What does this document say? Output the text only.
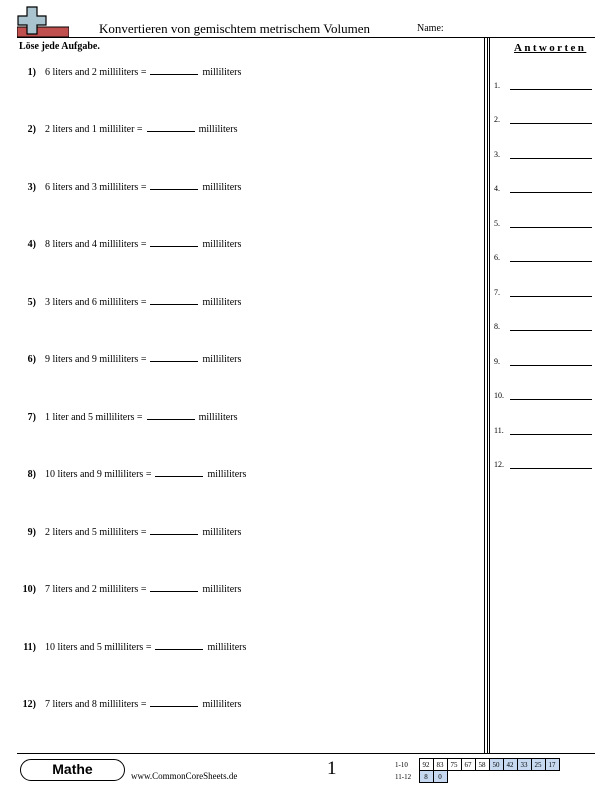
Konvertieren von gemischtem metrischem Volumen	Name:
Löse jede Aufgabe.
1) 6 liters and 2 milliliters =	milliliters
2) 2 liters and 1 milliliter =	milliliters
3) 6 liters and 3 milliliters =	milliliters
4) 8 liters and 4 milliliters =	milliliters
5) 3 liters and 6 milliliters =	milliliters
6) 9 liters and 9 milliliters =	milliliters
7) 1 liter and 5 milliliters =	milliliters
8) 10 liters and 9 milliliters =	milliliters
9) 2 liters and 5 milliliters =	milliliters
10) 7 liters and 2 milliliters =	milliliters
11) 10 liters and 5 milliliters =	milliliters
12) 7 liters and 8 milliliters =	milliliters
Antworten
1.
2.
3.
4.
5.
6.
7.
8.
9.
10.
11.
12.
Mathe	www.CommonCoreSheets.de	1	1-10	92	83	75	67	58	50	42	33	25	17
11-12	8	0								
